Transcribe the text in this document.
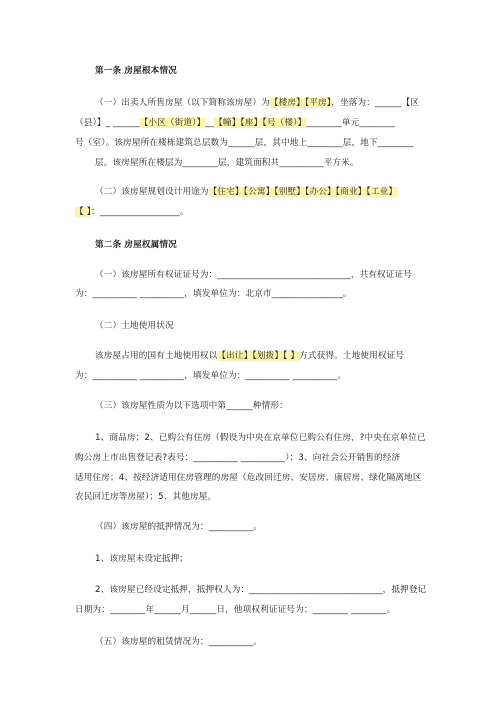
第一条 房屋根本情况
（一）出卖人所售房屋（以下简称该房屋）为【楼房】【平房】，坐落为：______【区
（县）】_ ______【小区（街道）】__【幢】【座】【号（楼）】________单元________
号（室）。该房屋所在楼栋建筑总层数为______层，其中地上________层，地下________
层。该房屋所在楼层为________层，建筑面积共__________平方米。
（二）该房屋规划设计用途为【住宅】【公寓】【别墅】【办公】【商业】【工业】
【 】：__________________。
第二条 房屋权属情况
（一）该房屋所有权证证号为：______________________________，共有权证证号
为：__________ __________，填发单位为：北京市________________。
（二）土地使用状况
该房屋占用的国有土地使用权以【出让】【划拨】【 】方式获得。土地使用权证号
为：__________ __________，填发单位为：__________ __________。
（三）该房屋性质为以下选项中第______种情形：
1、商品房；2、已购公有住房（假设为中央在京单位已购公有住房，?中央在京单位已
购公房上市出售登记表?表号：__________ __________）；3、向社会公开销售的经济
适用住房；4、按经济适用住房管理的房屋（危改回迁房、安居房、康居房、绿化隔离地区
农民回迁房等房屋）；5、其他房屋。
（四）该房屋的抵押情况为：__________。
1、该房屋未设定抵押；
2、该房屋已经设定抵押，抵押权人为：______________________________，抵押登记
日期为：________年______月______日，他项权利证证号为：________ ________。
（五）该房屋的租赁情况为：__________。
